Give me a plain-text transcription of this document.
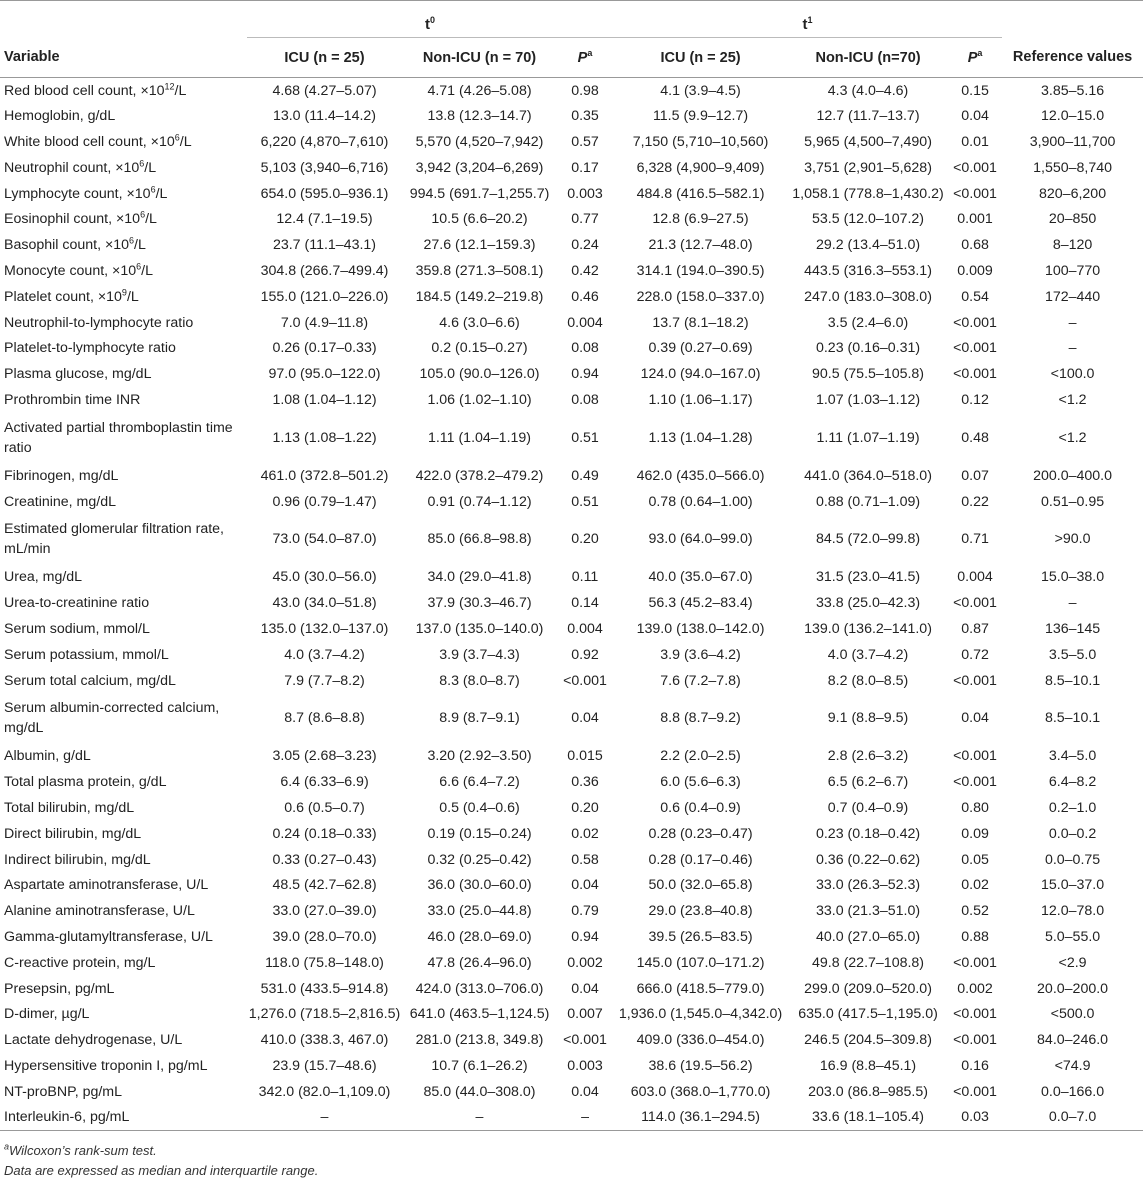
	$t^0$			$t^1$	
Variable	ICU (n = 25)	Non-ICU (n = 70)	$P^a$	ICU (n = 25)	Non-ICU (n=70)	$P^a$	Reference values
Red blood cell count, $\times 10^{12}/L$	4.68 (4.27–5.07)	4.71 (4.26–5.08)	0.98	4.1 (3.9–4.5)	4.3 (4.0–4.6)	0.15	3.85–5.16
Hemoglobin, g/dL	13.0 (11.4–14.2)	13.8 (12.3–14.7)	0.35	11.5 (9.9–12.7)	12.7 (11.7–13.7)	0.04	12.0–15.0
White blood cell count, $\times 10^6/L$	6,220 (4,870–7,610)	5,570 (4,520–7,942)	0.57	7,150 (5,710–10,560)	5,965 (4,500–7,490)	0.01	3,900–11,700
Neutrophil count, $\times 10^6/L$	5,103 (3,940–6,716)	3,942 (3,204–6,269)	0.17	6,328 (4,900–9,409)	3,751 (2,901–5,628)	<0.001	1,550–8,740
Lymphocyte count, $\times 10^6/L$	654.0 (595.0–936.1)	994.5 (691.7–1,255.7)	0.003	484.8 (416.5–582.1)	1,058.1 (778.8–1,430.2)	<0.001	820–6,200
Eosinophil count, $\times 10^6/L$	12.4 (7.1–19.5)	10.5 (6.6–20.2)	0.77	12.8 (6.9–27.5)	53.5 (12.0–107.2)	0.001	20–850
Basophil count, $\times 10^6/L$	23.7 (11.1–43.1)	27.6 (12.1–159.3)	0.24	21.3 (12.7–48.0)	29.2 (13.4–51.0)	0.68	8–120
Monocyte count, $\times 10^6/L$	304.8 (266.7–499.4)	359.8 (271.3–508.1)	0.42	314.1 (194.0–390.5)	443.5 (316.3–553.1)	0.009	100–770
Platelet count, $\times 10^9/L$	155.0 (121.0–226.0)	184.5 (149.2–219.8)	0.46	228.0 (158.0–337.0)	247.0 (183.0–308.0)	0.54	172–440
Neutrophil-to-lymphocyte ratio	7.0 (4.9–11.8)	4.6 (3.0–6.6)	0.004	13.7 (8.1–18.2)	3.5 (2.4–6.0)	<0.001	–
Platelet-to-lymphocyte ratio	0.26 (0.17–0.33)	0.2 (0.15–0.27)	0.08	0.39 (0.27–0.69)	0.23 (0.16–0.31)	<0.001	–
Plasma glucose, mg/dL	97.0 (95.0–122.0)	105.0 (90.0–126.0)	0.94	124.0 (94.0–167.0)	90.5 (75.5–105.8)	<0.001	<100.0
Prothrombin time INR	1.08 (1.04–1.12)	1.06 (1.02–1.10)	0.08	1.10 (1.06–1.17)	1.07 (1.03–1.12)	0.12	<1.2
Activated partial thromboplastin time ratio	1.13 (1.08–1.22)	1.11 (1.04–1.19)	0.51	1.13 (1.04–1.28)	1.11 (1.07–1.19)	0.48	<1.2
Fibrinogen, mg/dL	461.0 (372.8–501.2)	422.0 (378.2–479.2)	0.49	462.0 (435.0–566.0)	441.0 (364.0–518.0)	0.07	200.0–400.0
Creatinine, mg/dL	0.96 (0.79–1.47)	0.91 (0.74–1.12)	0.51	0.78 (0.64–1.00)	0.88 (0.71–1.09)	0.22	0.51–0.95
Estimated glomerular filtration rate, mL/min	73.0 (54.0–87.0)	85.0 (66.8–98.8)	0.20	93.0 (64.0–99.0)	84.5 (72.0–99.8)	0.71	>90.0
Urea, mg/dL	45.0 (30.0–56.0)	34.0 (29.0–41.8)	0.11	40.0 (35.0–67.0)	31.5 (23.0–41.5)	0.004	15.0–38.0
Urea-to-creatinine ratio	43.0 (34.0–51.8)	37.9 (30.3–46.7)	0.14	56.3 (45.2–83.4)	33.8 (25.0–42.3)	<0.001	–
Serum sodium, mmol/L	135.0 (132.0–137.0)	137.0 (135.0–140.0)	0.004	139.0 (138.0–142.0)	139.0 (136.2–141.0)	0.87	136–145
Serum potassium, mmol/L	4.0 (3.7–4.2)	3.9 (3.7–4.3)	0.92	3.9 (3.6–4.2)	4.0 (3.7–4.2)	0.72	3.5–5.0
Serum total calcium, mg/dL	7.9 (7.7–8.2)	8.3 (8.0–8.7)	<0.001	7.6 (7.2–7.8)	8.2 (8.0–8.5)	<0.001	8.5–10.1
Serum albumin-corrected calcium, mg/dL	8.7 (8.6–8.8)	8.9 (8.7–9.1)	0.04	8.8 (8.7–9.2)	9.1 (8.8–9.5)	0.04	8.5–10.1
Albumin, g/dL	3.05 (2.68–3.23)	3.20 (2.92–3.50)	0.015	2.2 (2.0–2.5)	2.8 (2.6–3.2)	<0.001	3.4–5.0
Total plasma protein, g/dL	6.4 (6.33–6.9)	6.6 (6.4–7.2)	0.36	6.0 (5.6–6.3)	6.5 (6.2–6.7)	<0.001	6.4–8.2
Total bilirubin, mg/dL	0.6 (0.5–0.7)	0.5 (0.4–0.6)	0.20	0.6 (0.4–0.9)	0.7 (0.4–0.9)	0.80	0.2–1.0
Direct bilirubin, mg/dL	0.24 (0.18–0.33)	0.19 (0.15–0.24)	0.02	0.28 (0.23–0.47)	0.23 (0.18–0.42)	0.09	0.0–0.2
Indirect bilirubin, mg/dL	0.33 (0.27–0.43)	0.32 (0.25–0.42)	0.58	0.28 (0.17–0.46)	0.36 (0.22–0.62)	0.05	0.0–0.75
Aspartate aminotransferase, U/L	48.5 (42.7–62.8)	36.0 (30.0–60.0)	0.04	50.0 (32.0–65.8)	33.0 (26.3–52.3)	0.02	15.0–37.0
Alanine aminotransferase, U/L	33.0 (27.0–39.0)	33.0 (25.0–44.8)	0.79	29.0 (23.8–40.8)	33.0 (21.3–51.0)	0.52	12.0–78.0
Gamma-glutamyltransferase, U/L	39.0 (28.0–70.0)	46.0 (28.0–69.0)	0.94	39.5 (26.5–83.5)	40.0 (27.0–65.0)	0.88	5.0–55.0
C-reactive protein, mg/L	118.0 (75.8–148.0)	47.8 (26.4–96.0)	0.002	145.0 (107.0–171.2)	49.8 (22.7–108.8)	<0.001	<2.9
Presepsin, pg/mL	531.0 (433.5–914.8)	424.0 (313.0–706.0)	0.04	666.0 (418.5–779.0)	299.0 (209.0–520.0)	0.002	20.0–200.0
D-dimer, µg/L	1,276.0 (718.5–2,816.5)	641.0 (463.5–1,124.5)	0.007	1,936.0 (1,545.0–4,342.0)	635.0 (417.5–1,195.0)	<0.001	<500.0
Lactate dehydrogenase, U/L	410.0 (338.3, 467.0)	281.0 (213.8, 349.8)	<0.001	409.0 (336.0–454.0)	246.5 (204.5–309.8)	<0.001	84.0–246.0
Hypersensitive troponin I, pg/mL	23.9 (15.7–48.6)	10.7 (6.1–26.2)	0.003	38.6 (19.5–56.2)	16.9 (8.8–45.1)	0.16	<74.9
NT-proBNP, pg/mL	342.0 (82.0–1,109.0)	85.0 (44.0–308.0)	0.04	603.0 (368.0–1,770.0)	203.0 (86.8–985.5)	<0.001	0.0–166.0
Interleukin-6, pg/mL	–	–	–	114.0 (36.1–294.5)	33.6 (18.1–105.4)	0.03	0.0–7.0
$^a$Wilcoxon’s rank-sum test.
Data are expressed as median and interquartile range.
